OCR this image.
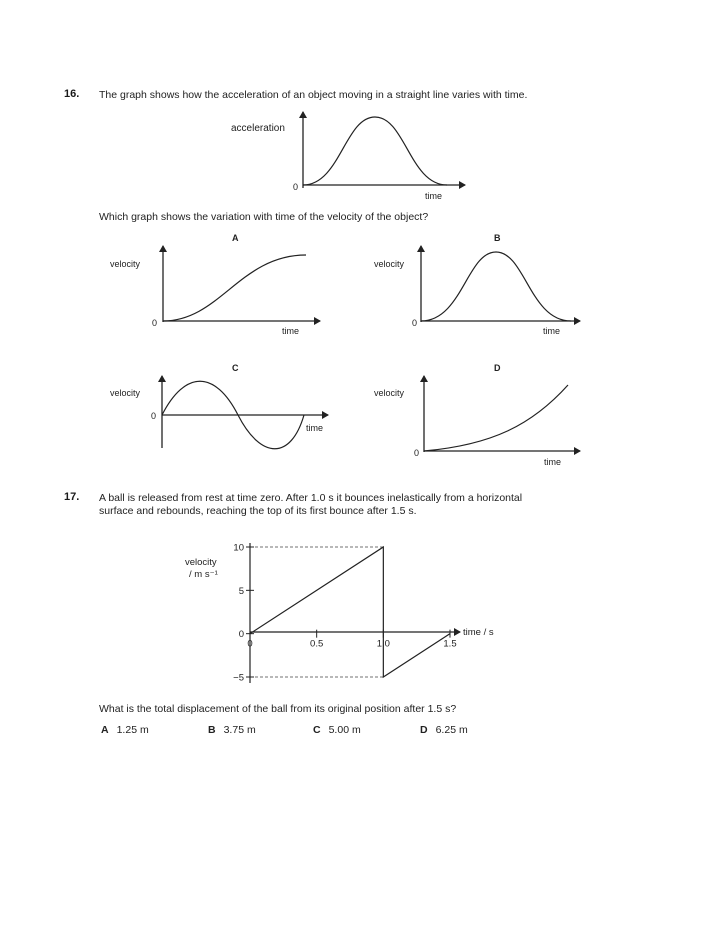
16. The graph shows how the acceleration of an object moving in a straight line varies with time.
acceleration
0
time
Which graph shows the variation with time of the velocity of the object?
A
velocity
0
time
B
velocity
0
time
C
velocity
0
time
D
velocity
0
time
17. A ball is released from rest at time zero. After 1.0 s it bounces inelastically from a horizontal
surface and rebounds, reaching the top of its first bounce after 1.5 s.
velocity
/ m s⁻¹
time / s
10
5
0
−5
0	0.5	1.0	1.5
What is the total displacement of the ball from its original position after 1.5 s?
A 1.25 m	B 3.75 m	C 5.00 m	D 6.25 m
